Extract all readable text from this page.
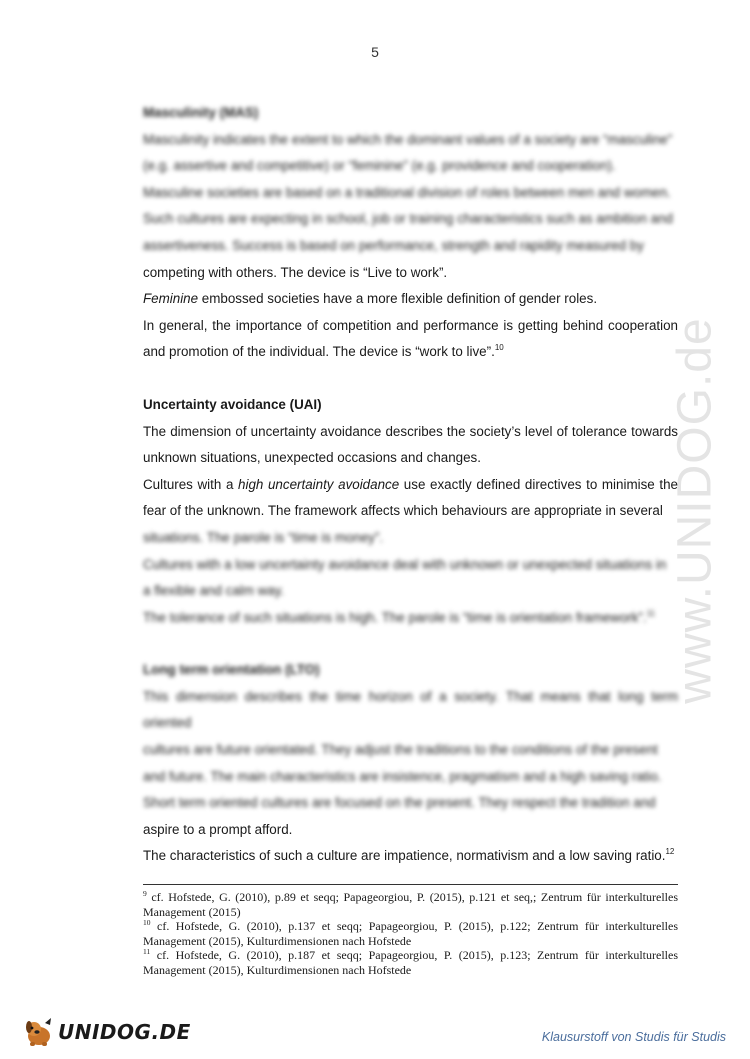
5
www.UNIDOG.de
Masculinity (MAS)

Masculinity indicates the extent to which the dominant values of a society are “masculine”

(e.g. assertive and competitive) or “feminine” (e.g. providence and cooperation).

Masculine societies are based on a traditional division of roles between men and women.

Such cultures are expecting in school, job or training characteristics such as ambition and

assertiveness. Success is based on performance, strength and rapidity measured by

competing with others. The device is “Live to work”.

Feminine embossed societies have a more flexible definition of gender roles.

In general, the importance of competition and performance is getting behind cooperation and promotion of the individual. The device is “work to live”.$^{10}$

Uncertainty avoidance (UAI)

The dimension of uncertainty avoidance describes the society’s level of tolerance towards unknown situations, unexpected occasions and changes.

Cultures with a high uncertainty avoidance use exactly defined directives to minimise the fear of the unknown. The framework affects which behaviours are appropriate in several

situations. The parole is “time is money”.

Cultures with a low uncertainty avoidance deal with unknown or unexpected situations in

a flexible and calm way.

The tolerance of such situations is high. The parole is “time is orientation framework”.$^{11}$

Long term orientation (LTO)

This dimension describes the time horizon of a society. That means that long term oriented

cultures are future orientated. They adjust the traditions to the conditions of the present

and future. The main characteristics are insistence, pragmatism and a high saving ratio.

Short term oriented cultures are focused on the present. They respect the tradition and

aspire to a prompt afford.

The characteristics of such a culture are impatience, normativism and a low saving ratio.$^{12}$

$^9$ cf. Hofstede, G. (2010), p.89 et seqq; Papageorgiou, P. (2015), p.121 et seq,; Zentrum für interkulturelles Management (2015)
$^{10}$ cf. Hofstede, G. (2010), p.137 et seqq; Papageorgiou, P. (2015), p.122; Zentrum für interkulturelles Management (2015), Kulturdimensionen nach Hofstede
$^{11}$ cf. Hofstede, G. (2010), p.187 et seqq; Papageorgiou, P. (2015), p.123; Zentrum für interkulturelles Management (2015), Kulturdimensionen nach Hofstede
UNIDOG.DE	Klausurstoff von Studis für Studis
